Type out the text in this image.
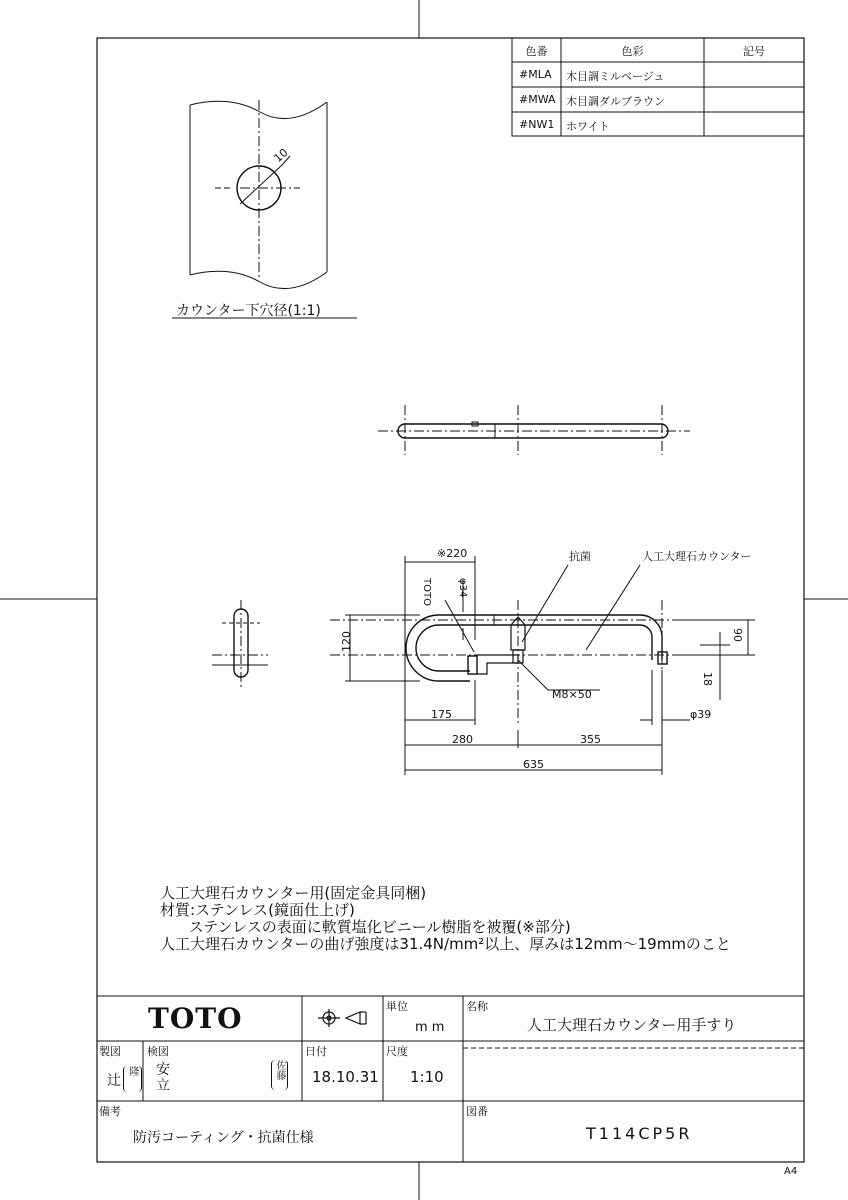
色番	色彩	記号
#MLA 木目調ミルベージュ
#MWA 木目調ダルブラウン
#NW1 ホワイト
10
カウンター下穴径(1:1)
※220
TOTO	φ34
120	90
18
175
280	355
635
φ39
M8×50
抗菌	人工大理石カウンター
人工大理石カウンター用(固定金具同梱)
材質:ステンレス(鏡面仕上げ)
ステンレスの表面に軟質塩化ビニール樹脂を被覆(※部分)
人工大理石カウンターの曲げ強度は31.4N/mm²以上、厚みは12mm〜19mmのこと
TOTO	単位
m m
名称
人工大理石カウンター用手すり
製図
辻
隆
検図
安立
佐藤
日付
18.10.31
尺度
1:10
備考
防汚コーティング・抗菌仕様
図番
T114CP5R
A4
